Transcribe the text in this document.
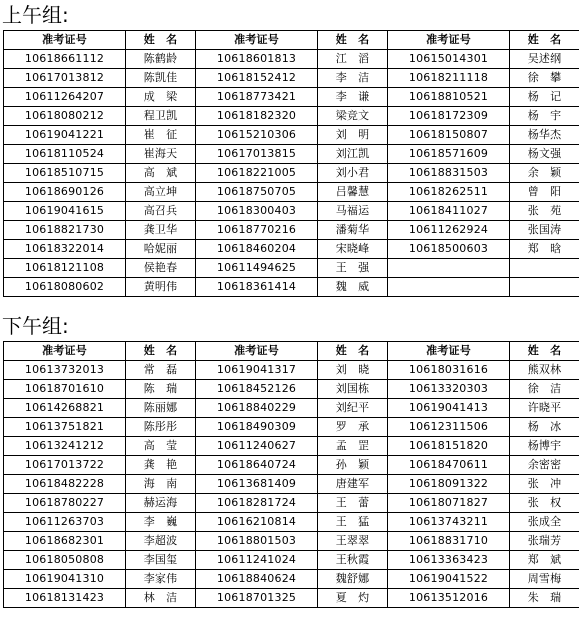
上午组:
准考证号	姓　名	准考证号	姓　名	准考证号	姓　名
10618661112	陈鹤龄	10618601813	江　滔	10615014301	吴述纲
10617013812	陈凯佳	10618152412	李　洁	10618211118	徐　攀
10611264207	成　梁	10618773421	李　谦	10618810521	杨　记
10618080212	程卫凯	10618182320	梁竞文	10618172309	杨　宇
10619041221	崔　征	10615210306	刘　明	10618150807	杨华杰
10618110524	崔海天	10617013815	刘江凯	10618571609	杨文强
10618510715	高　斌	10618221005	刘小君	10618831503	余　颖
10618690126	高立坤	10618750705	吕馨慧	10618262511	曾　阳
10619041615	高召兵	10618300403	马福运	10618411027	张　苑
10618821730	龚卫华	10618770216	潘菊华	10611262924	张国涛
10618322014	哈妮丽	10618460204	宋晓峰	10618500603	郑　晗
10618121108	侯艳春	10611494625	王　强		
10618080602	黄明伟	10618361414	魏　威		
下午组:
准考证号	姓　名	准考证号	姓　名	准考证号	姓　名
10613732013	常　磊	10619041317	刘　晓	10618031616	熊双林
10618701610	陈　瑞	10618452126	刘国栋	10613320303	徐　洁
10614268821	陈丽娜	10618840229	刘纪平	10619041413	许晓平
10613751821	陈彤彤	10618490309	罗　承	10612311506	杨　冰
10613241212	高　莹	10611240627	孟　罡	10618151820	杨博宇
10617013722	龚　艳	10618640724	孙　颖	10618470611	余密密
10618482228	海　南	10613681409	唐建军	10618091322	张　冲
10618780227	赫运海	10618281724	王　蕾	10618071827	张　权
10611263703	李　巍	10616210814	王　猛	10613743211	张成全
10618682301	李超波	10618801503	王翠翠	10618831710	张瑞芳
10618050808	李国玺	10611241024	王秋霞	10613363423	郑　斌
10619041310	李家伟	10618840624	魏舒娜	10619041522	周雪梅
10618131423	林　洁	10618701325	夏　灼	10613512016	朱　瑞
